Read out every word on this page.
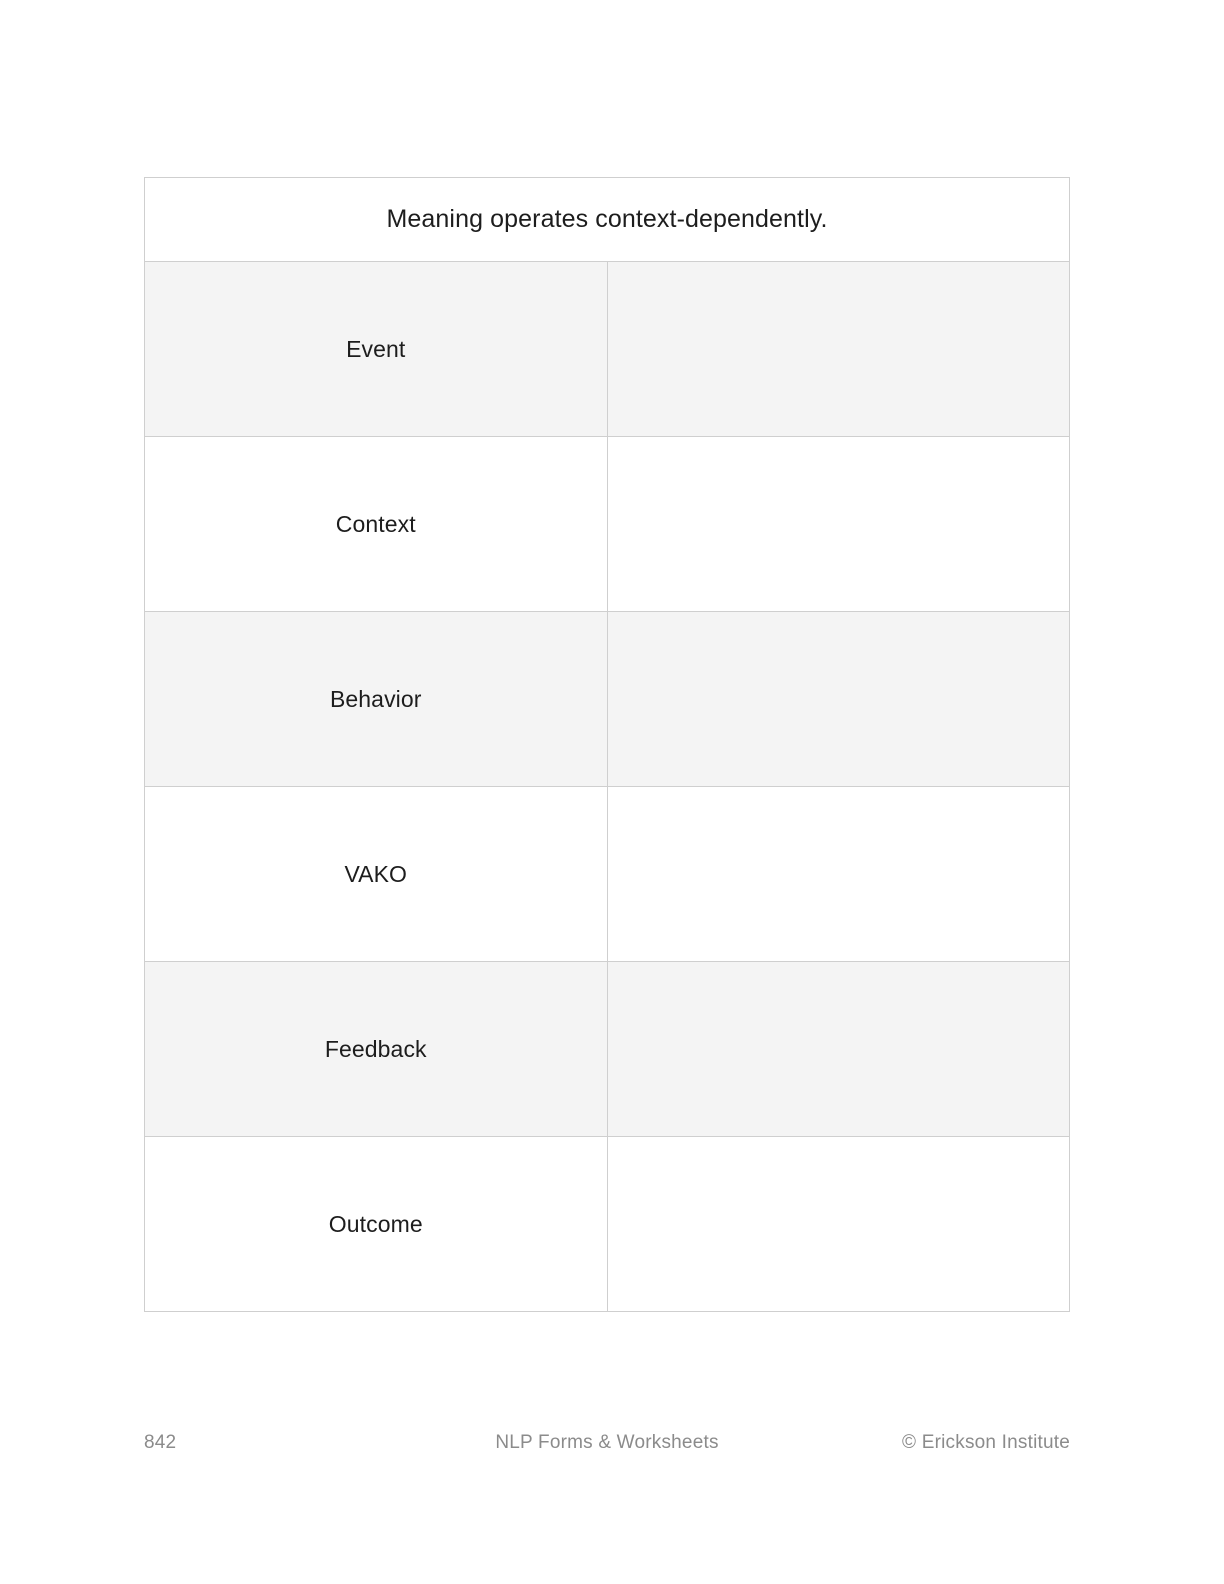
Meaning operates context-dependently.	
Event	
Context	
Behavior	
VAKO	
Feedback	
Outcome	
842	NLP Forms & Worksheets	© Erickson Institute
